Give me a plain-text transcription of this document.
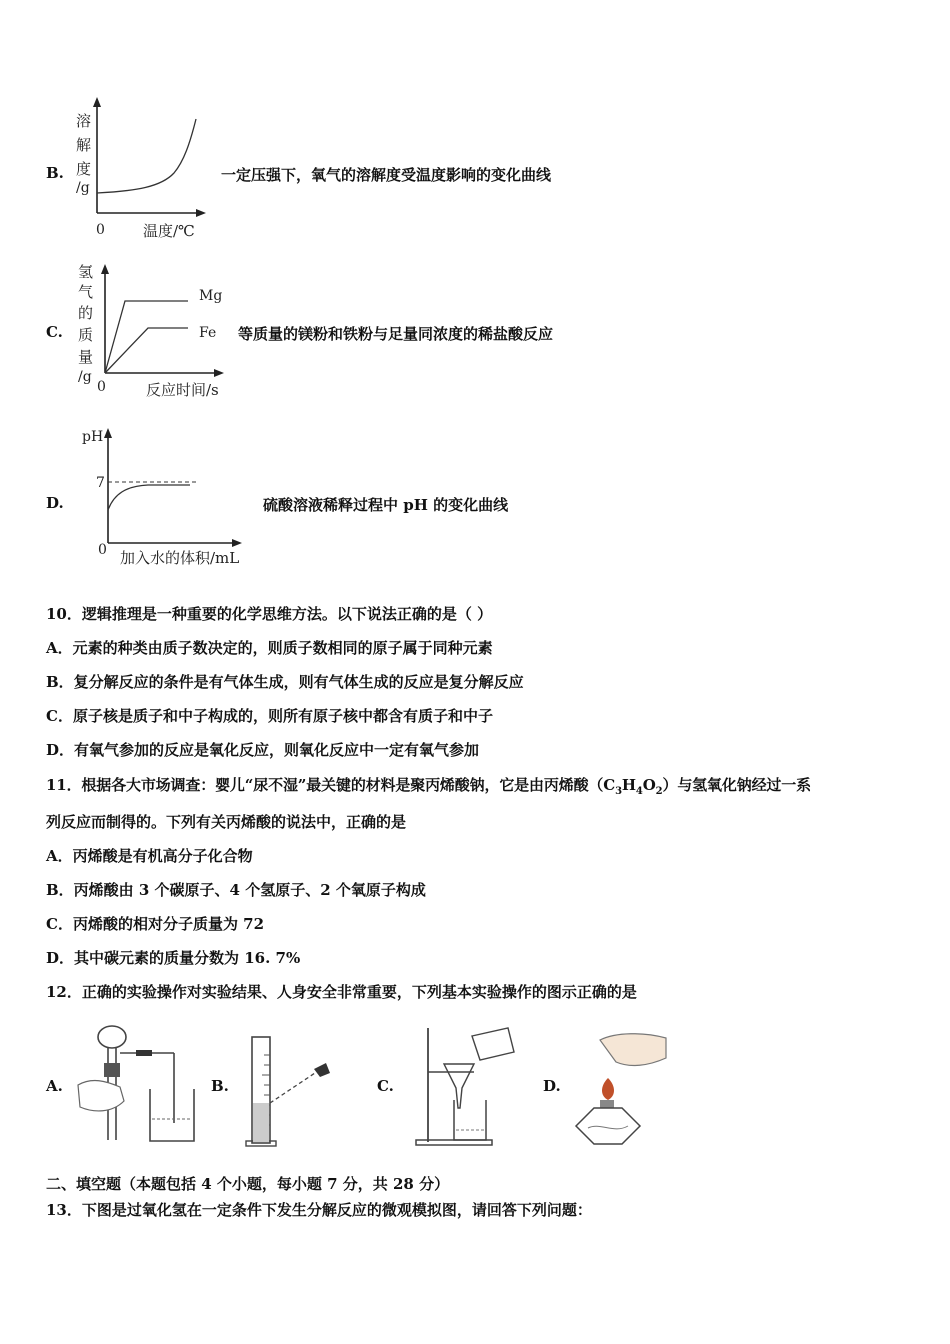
B.
溶
解
度
/g
0	温度/℃
一定压强下，氧气的溶解度受温度影响的变化曲线
C.
氢
气
的
质
量
/g
Mg
Fe
0	反应时间/s
等质量的镁粉和铁粉与足量同浓度的稀盐酸反应
D.
pH
7
0 加入水的体积/mL
硫酸溶液稀释过程中 pH 的变化曲线
10．逻辑推理是一种重要的化学思维方法。以下说法正确的是（ ）
A．元素的种类由质子数决定的，则质子数相同的原子属于同种元素
B．复分解反应的条件是有气体生成，则有气体生成的反应是复分解反应
C．原子核是质子和中子构成的，则所有原子核中都含有质子和中子
D．有氧气参加的反应是氧化反应，则氧化反应中一定有氧气参加
11．根据各大市场调查：婴儿“尿不湿”最关键的材料是聚丙烯酸钠，它是由丙烯酸$(C_3H_4O_2)$与氢氧化钠经过一系
列反应而制得的。下列有关丙烯酸的说法中，正确的是
A．丙烯酸是有机高分子化合物
B．丙烯酸由 3 个碳原子、4 个氢原子、2 个氧原子构成
C．丙烯酸的相对分子质量为 72
D．其中碳元素的质量分数为 16. 7%
12．正确的实验操作对实验结果、人身安全非常重要，下列基本实验操作的图示正确的是
A.	B.	C.	D.
二、填空题（本题包括 4 个小题，每小题 7 分，共 28 分）
13．下图是过氧化氢在一定条件下发生分解反应的微观模拟图，请回答下列问题：
